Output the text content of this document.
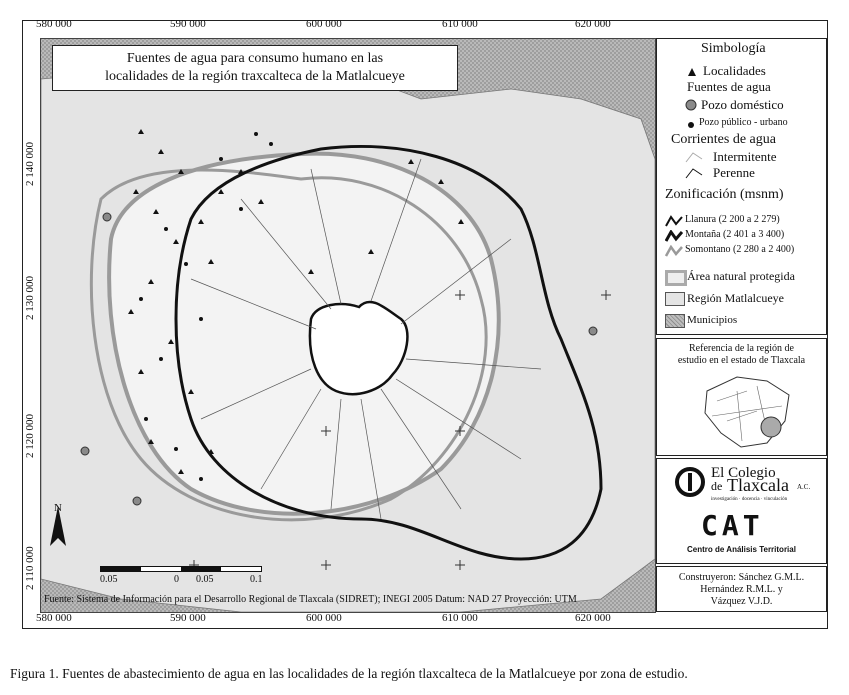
580 000	590 000	600 000	610 000	620 000
580 000	590 000	600 000	610 000	620 000
2 140 000
2 130 000
2 120 000
2 110 000
N
0.05	0 0.05	0.1
Fuentes de agua para consumo humano en las
localidades de la región traxcalteca de la Matlalcueye
Fuente: Sistema de Información para el Desarrollo Regional de Tlaxcala (SIDRET); INEGI 2005 Datum: NAD 27 Proyección: UTM
Simbología
Localidades
Fuentes de agua
Pozo doméstico
Pozo público - urbano
Corrientes de agua
Intermitente
Perenne
Zonificación (msnm)
Llanura (2 200 a 2 279)
Montaña (2 401 a 3 400)
Somontano (2 280 a 2 400)
Área natural protegida
Región Matlalcueye
Municipios
Referencia de la región de
estudio en el estado de Tlaxcala
El Colegio
de Tlaxcala A.C.
investigación · docencia · vinculación
CAT
Centro de Análisis Territorial
Construyeron: Sánchez G.M.L.
Hernández R.M.L. y
Vázquez V.J.D.
Figura 1. Fuentes de abastecimiento de agua en las localidades de la región tlaxcalteca de la Matlalcueye por zona de estudio.
